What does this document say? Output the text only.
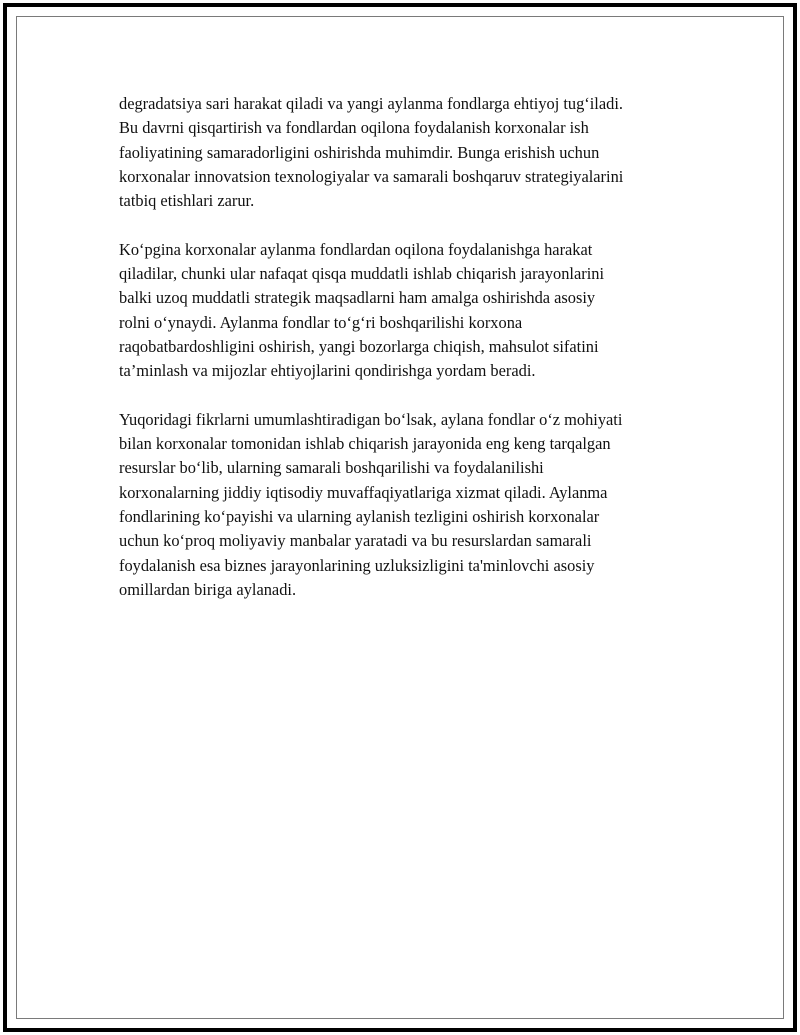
degradatsiya sari harakat qiladi va yangi aylanma fondlarga ehtiyoj tug‘iladi.
Bu davrni qisqartirish va fondlardan oqilona foydalanish korxonalar ish
faoliyatining samaradorligini oshirishda muhimdir. Bunga erishish uchun
korxonalar innovatsion texnologiyalar va samarali boshqaruv strategiyalarini
tatbiq etishlari zarur.

Ko‘pgina korxonalar aylanma fondlardan oqilona foydalanishga harakat
qiladilar, chunki ular nafaqat qisqa muddatli ishlab chiqarish jarayonlarini
balki uzoq muddatli strategik maqsadlarni ham amalga oshirishda asosiy
rolni o‘ynaydi. Aylanma fondlar to‘g‘ri boshqarilishi korxona
raqobatbardoshligini oshirish, yangi bozorlarga chiqish, mahsulot sifatini
ta’minlash va mijozlar ehtiyojlarini qondirishga yordam beradi.

Yuqoridagi fikrlarni umumlashtiradigan bo‘lsak, aylana fondlar o‘z mohiyati
bilan korxonalar tomonidan ishlab chiqarish jarayonida eng keng tarqalgan
resurslar bo‘lib, ularning samarali boshqarilishi va foydalanilishi
korxonalarning jiddiy iqtisodiy muvaffaqiyatlariga xizmat qiladi. Aylanma
fondlarining ko‘payishi va ularning aylanish tezligini oshirish korxonalar
uchun ko‘proq moliyaviy manbalar yaratadi va bu resurslardan samarali
foydalanish esa biznes jarayonlarining uzluksizligini ta'minlovchi asosiy
omillardan biriga aylanadi.
